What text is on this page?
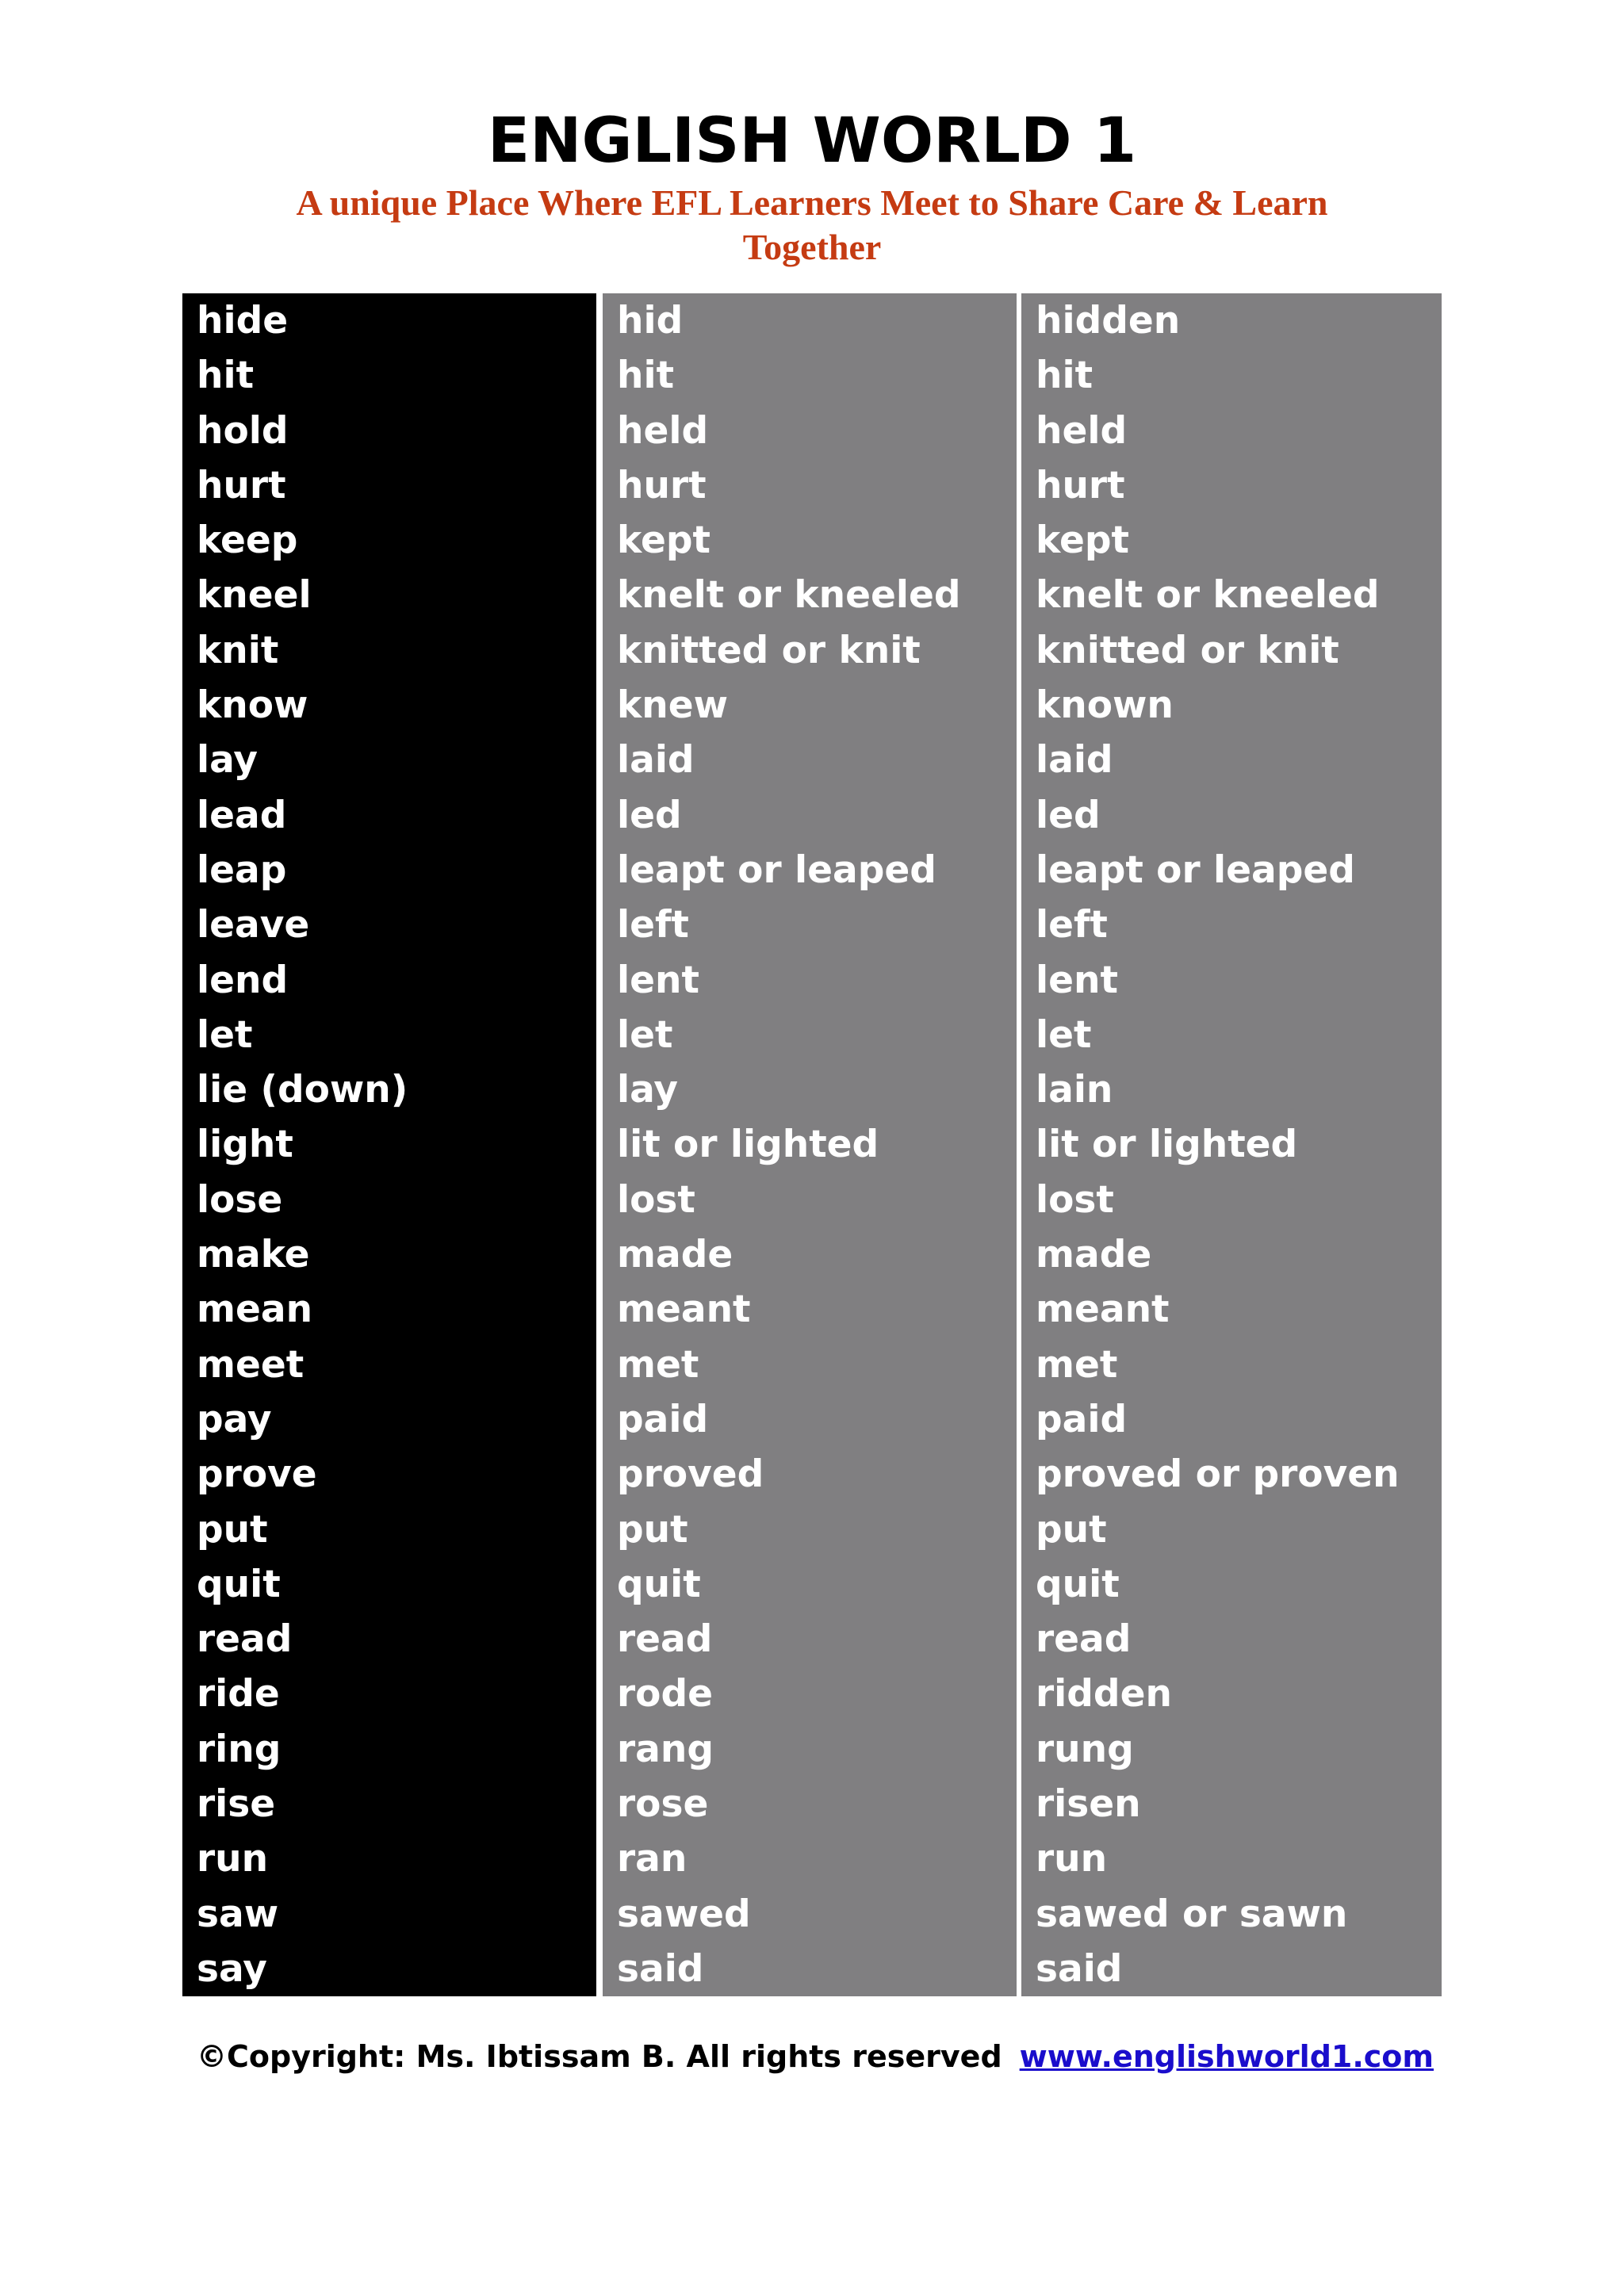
ENGLISH WORLD 1
A unique Place Where EFL Learners Meet to Share Care & Learn
Together
hide
hit
hold
hurt
keep
kneel
knit
know
lay
lead
leap
leave
lend
let
lie (down)
light
lose
make
mean
meet
pay
prove
put
quit
read
ride
ring
rise
run
saw
say
hid
hit
held
hurt
kept
knelt or kneeled
knitted or knit
knew
laid
led
leapt or leaped
left
lent
let
lay
lit or lighted
lost
made
meant
met
paid
proved
put
quit
read
rode
rang
rose
ran
sawed
said
hidden
hit
held
hurt
kept
knelt or kneeled
knitted or knit
known
laid
led
leapt or leaped
left
lent
let
lain
lit or lighted
lost
made
meant
met
paid
proved or proven
put
quit
read
ridden
rung
risen
run
sawed or sawn
said
©Copyright: Ms. Ibtissam B. All rights reserved www.englishworld1.com
